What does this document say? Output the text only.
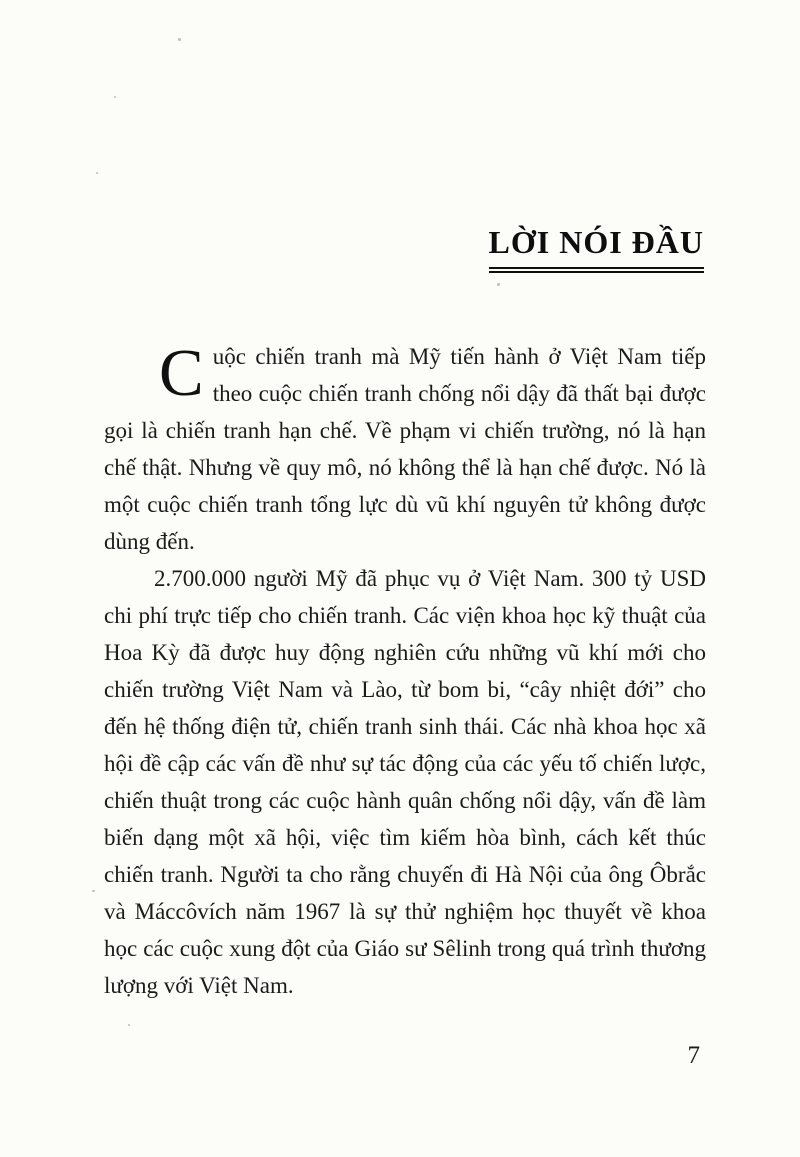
LỜI NÓI ĐẦU

Cuộc chiến tranh mà Mỹ tiến hành ở Việt Nam tiếp theo cuộc chiến tranh chống nổi dậy đã thất bại được gọi là chiến tranh hạn chế. Về phạm vi chiến trường, nó là hạn chế thật. Nhưng về quy mô, nó không thể là hạn chế được. Nó là một cuộc chiến tranh tổng lực dù vũ khí nguyên tử không được dùng đến.

2.700.000 người Mỹ đã phục vụ ở Việt Nam. 300 tỷ USD chi phí trực tiếp cho chiến tranh. Các viện khoa học kỹ thuật của Hoa Kỳ đã được huy động nghiên cứu những vũ khí mới cho chiến trường Việt Nam và Lào, từ bom bi, “cây nhiệt đới” cho đến hệ thống điện tử, chiến tranh sinh thái. Các nhà khoa học xã hội đề cập các vấn đề như sự tác động của các yếu tố chiến lược, chiến thuật trong các cuộc hành quân chống nổi dậy, vấn đề làm biến dạng một xã hội, việc tìm kiếm hòa bình, cách kết thúc chiến tranh. Người ta cho rằng chuyến đi Hà Nội của ông Ôbrắc và Máccôvích năm 1967 là sự thử nghiệm học thuyết về khoa học các cuộc xung đột của Giáo sư Sêlinh trong quá trình thương lượng với Việt Nam.

7
